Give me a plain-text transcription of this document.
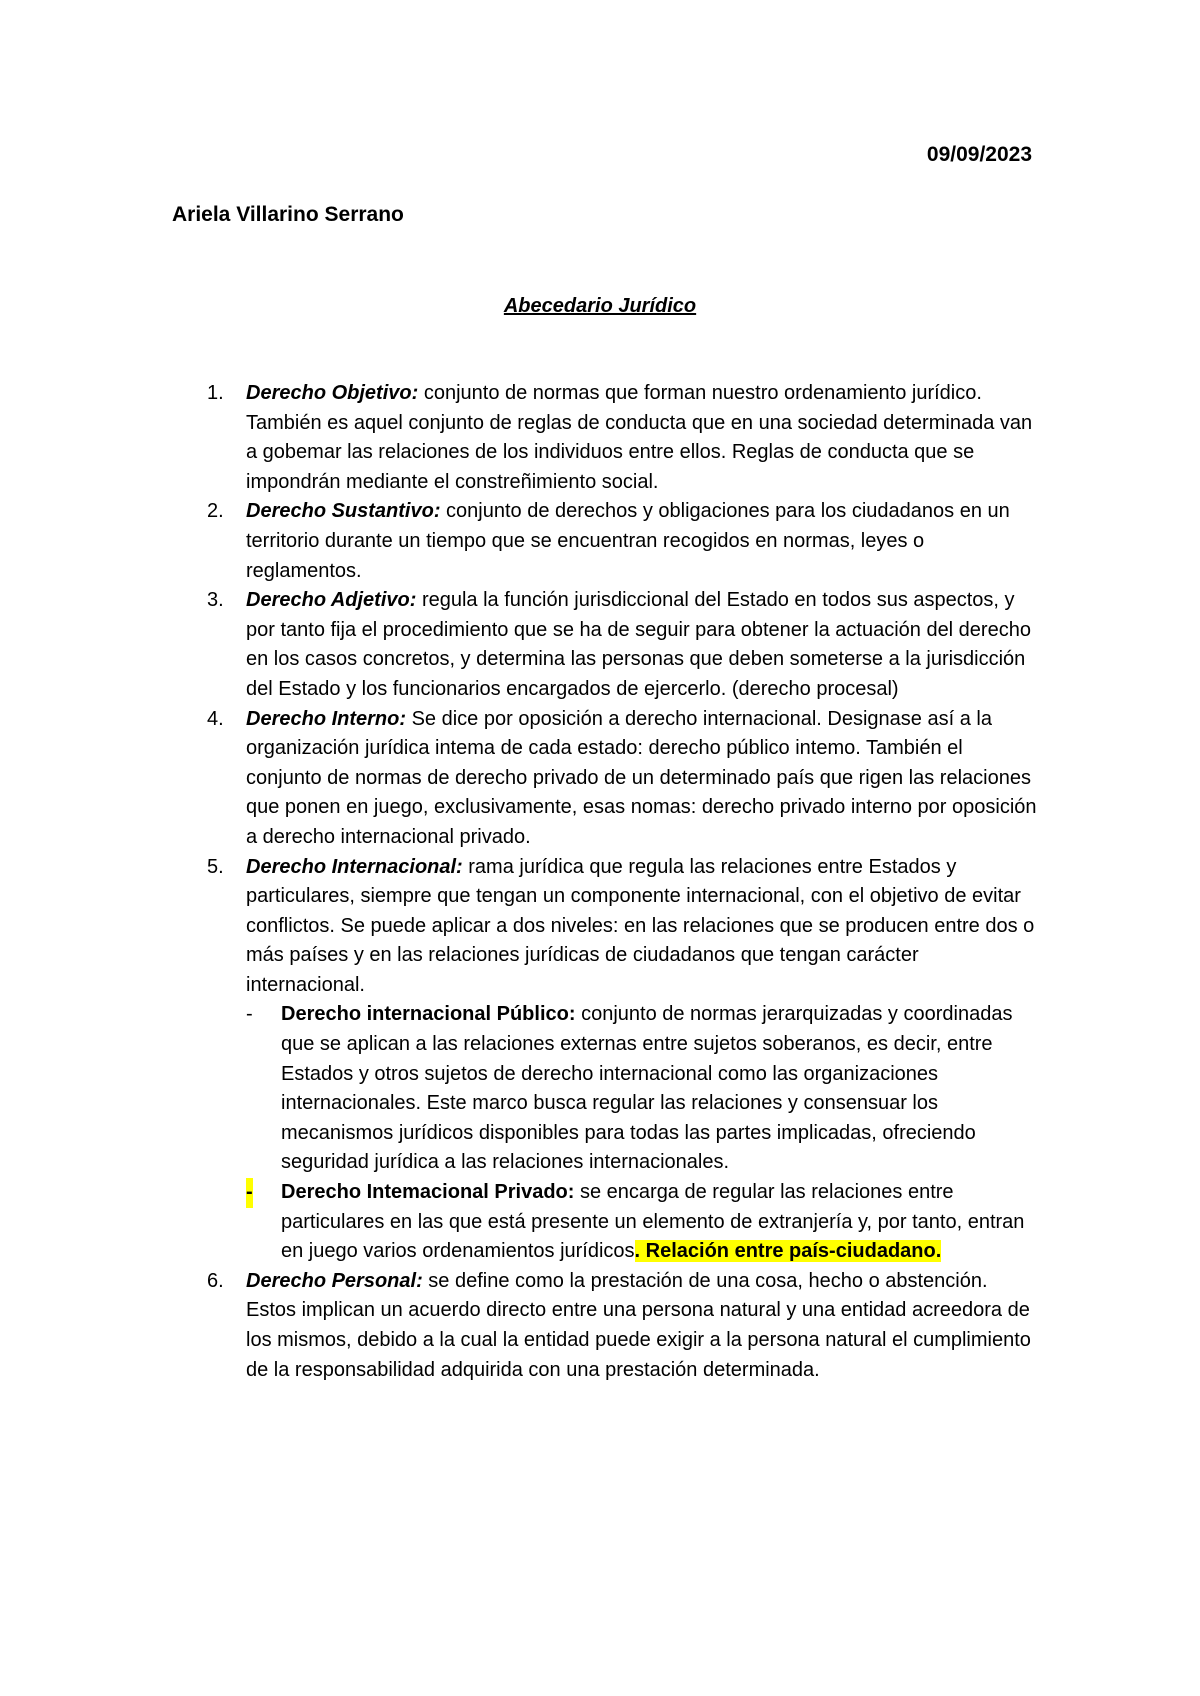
09/09/2023
Ariela Villarino Serrano
Abecedario Jurídico
1. Derecho Objetivo: conjunto de normas que forman nuestro ordenamiento jurídico. También es aquel conjunto de reglas de conducta que en una sociedad determinada van a gobemar las relaciones de los individuos entre ellos. Reglas de conducta que se impondrán mediante el constreñimiento social.
2. Derecho Sustantivo: conjunto de derechos y obligaciones para los ciudadanos en un territorio durante un tiempo que se encuentran recogidos en normas, leyes o reglamentos.
3. Derecho Adjetivo: regula la función jurisdiccional del Estado en todos sus aspectos, y por tanto fija el procedimiento que se ha de seguir para obtener la actuación del derecho en los casos concretos, y determina las personas que deben someterse a la jurisdicción del Estado y los funcionarios encargados de ejercerlo. (derecho procesal)
4. Derecho Interno: Se dice por oposición a derecho internacional. Designase así a la organización jurídica intema de cada estado: derecho público intemo. También el conjunto de normas de derecho privado de un determinado país que rigen las relaciones que ponen en juego, exclusivamente, esas nomas: derecho privado interno por oposición a derecho internacional privado.
5. Derecho Internacional: rama jurídica que regula las relaciones entre Estados y particulares, siempre que tengan un componente internacional, con el objetivo de evitar conflictos. Se puede aplicar a dos niveles: en las relaciones que se producen entre dos o más países y en las relaciones jurídicas de ciudadanos que tengan carácter internacional.
- Derecho internacional Público: conjunto de normas jerarquizadas y coordinadas que se aplican a las relaciones externas entre sujetos soberanos, es decir, entre Estados y otros sujetos de derecho internacional como las organizaciones internacionales. Este marco busca regular las relaciones y consensuar los mecanismos jurídicos disponibles para todas las partes implicadas, ofreciendo seguridad jurídica a las relaciones internacionales.
- Derecho Intemacional Privado: se encarga de regular las relaciones entre particulares en las que está presente un elemento de extranjería y, por tanto, entran en juego varios ordenamientos jurídicos. Relación entre país-ciudadano.
6. Derecho Personal: se define como la prestación de una cosa, hecho o abstención. Estos implican un acuerdo directo entre una persona natural y una entidad acreedora de los mismos, debido a la cual la entidad puede exigir a la persona natural el cumplimiento de la responsabilidad adquirida con una prestación determinada.
